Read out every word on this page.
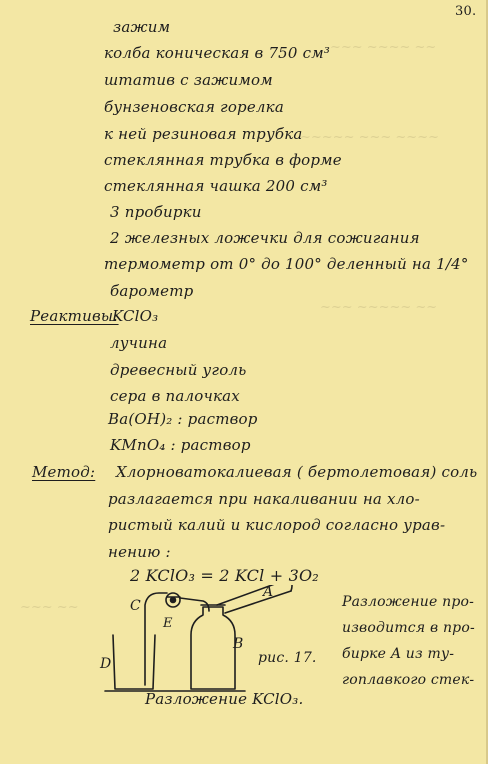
~~~ ~~~~ ~~
~~~~~ ~~~ ~~~~
~~~ ~~~~~ ~~
~~~ ~~
30.
зажим
колба коническая в 750 см³
штатив с зажимом
бунзеновская горелка
к ней резиновая трубка
стеклянная трубка в форме
стеклянная чашка 200 см³
3 пробирки
2 железных ложечки для сожигания
термометр от 0° до 100° деленный на 1/4°
барометр
Реактивы:
KClO₃
лучина
древесный уголь
сера в палочках
Ba(OH)₂ : раствор
KMnO₄ : раствор
Метод: Хлорноватокалиевая ( бертолетовая) соль
разлагается при накаливании на хло-
ристый калий и кислород согласно урав-
нению :
2 KClO₃ = 2 KCl + 3O₂
C
E
A
B
D	рис. 17.
Разложение KClO₃.
Разложение про-
изводится в про-
бирке A из ту-
гоплавкого стек-
